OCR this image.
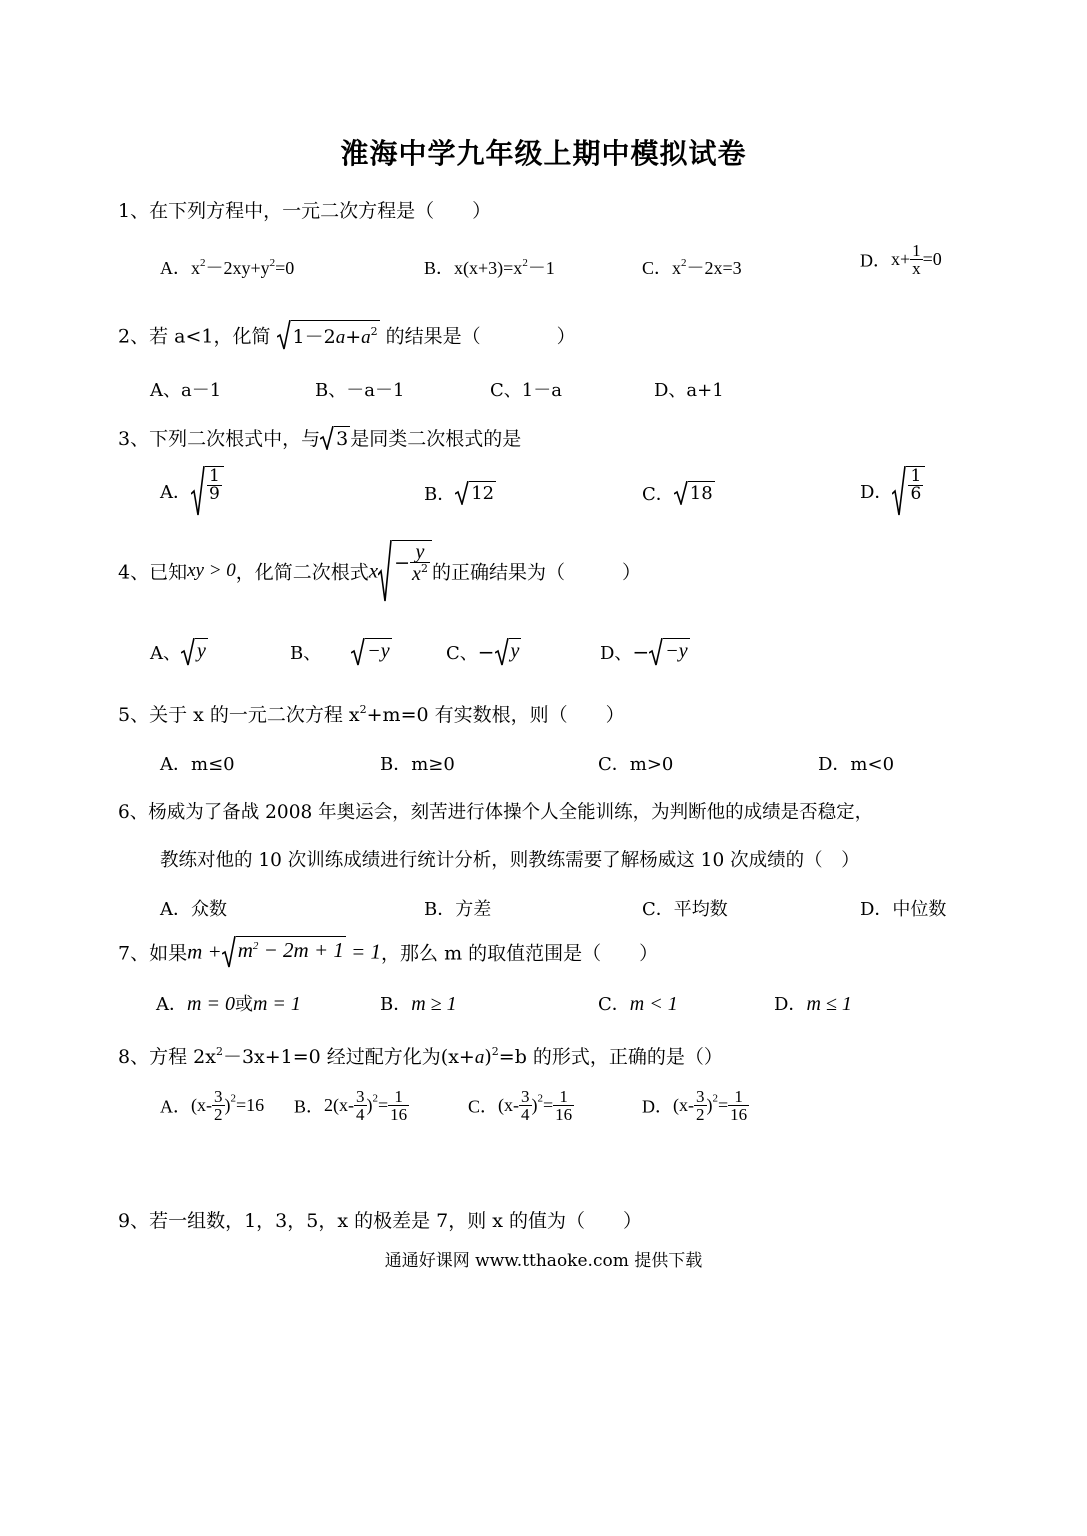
淮海中学九年级上期中模拟试卷
1、在下列方程中，一元二次方程是（　　）
A．$x^2-2xy+y^2=0$	B．$x(x+3)=x^2-1$	C．$x^2-2x=3$	D．$x+ \frac{1}{x} =0$
2、若 a<1，化简 $1-2a+a^2$ 的结果是（　　　　）
A、a－1	B、－a－1	C、1－a	D、a+1
3、下列二次根式中，与 3 是同类二次根式的是
A． $\frac{1}{9}$	B． 12	C． 18	D． $\frac{1}{6}$
4、已知xy > 0，化简二次根式$x - \frac{y}{x^2}$ 的正确结果为（　　　）
A、 y	B、 −y	C、− y	D、− −y
5、关于 x 的一元二次方程 $x^2+m=0$ 有实数根，则（　　）
A．m≤0	B．m≥0	C．m>0	D．m<0
6、杨威为了备战 2008 年奥运会，刻苦进行体操个人全能训练，为判断他的成绩是否稳定，
教练对他的 10 次训练成绩进行统计分析，则教练需要了解杨威这 10 次成绩的（　）
A．众数	B．方差	C．平均数	D．中位数
7、如果$m + m^2 - 2m + 1 = 1$，那么 m 的取值范围是（　　）
A．m = 0或m = 1	B．m ≥ 1	C．m < 1	D．m ≤ 1
8、方程 $2x^2-3x+1=0$ 经过配方化为$(x+a)^2=b$ 的形式，正确的是（）
A．$(x- \frac{3}{2} )^2=16$ B．$2(x- \frac{3}{4} )^2= \frac{1}{16}$	C．$(x- \frac{3}{4} )^2= \frac{1}{16}$	D．$(x- \frac{3}{2} )^2= \frac{1}{16}$
9、若一组数，1，3，5，x 的极差是 7，则 x 的值为（　　）
通通好课网 www.tthaoke.com 提供下载
